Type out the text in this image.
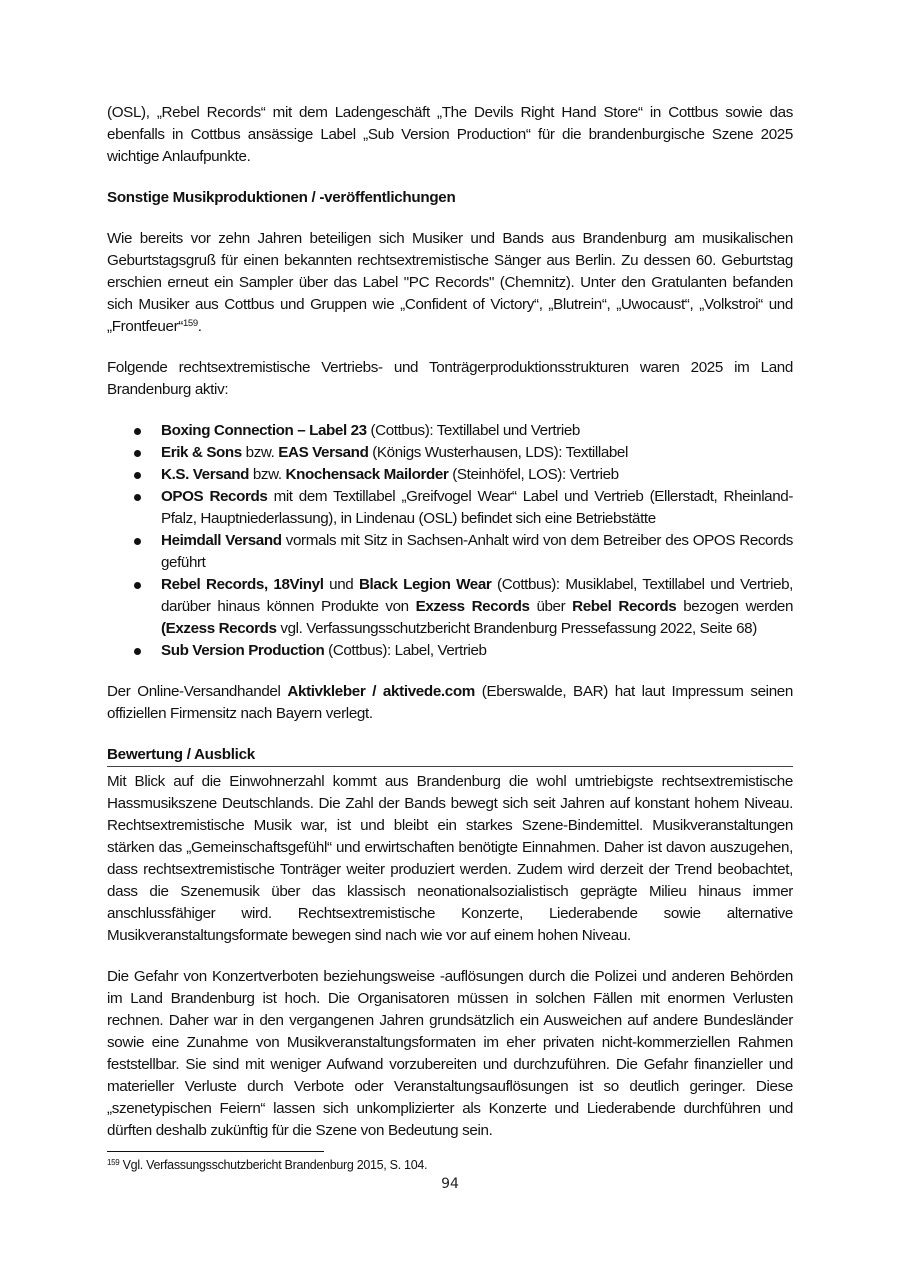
(OSL), „Rebel Records“ mit dem Ladengeschäft „The Devils Right Hand Store“ in Cottbus sowie das ebenfalls in Cottbus ansässige Label „Sub Version Production“ für die brandenburgische Szene 2025 wichtige Anlaufpunkte.

Sonstige Musikproduktionen / -veröffentlichungen

Wie bereits vor zehn Jahren beteiligen sich Musiker und Bands aus Brandenburg am musikalischen Geburtstagsgruß für einen bekannten rechtsextremistische Sänger aus Berlin. Zu dessen 60. Geburtstag erschien erneut ein Sampler über das Label "PC Records" (Chemnitz). Unter den Gratulanten befanden sich Musiker aus Cottbus und Gruppen wie „Confident of Victory“, „Blutrein“, „Uwocaust“, „Volkstroi“ und „Frontfeuer“$^{159}$.

Folgende rechtsextremistische Vertriebs- und Tonträgerproduktionsstrukturen waren 2025 im Land Brandenburg aktiv:

Boxing Connection – Label 23 (Cottbus): Textillabel und Vertrieb
Erik & Sons bzw. EAS Versand (Königs Wusterhausen, LDS): Textillabel
K.S. Versand bzw. Knochensack Mailorder (Steinhöfel, LOS): Vertrieb
OPOS Records mit dem Textillabel „Greifvogel Wear“ Label und Vertrieb (Ellerstadt, Rheinland-Pfalz, Hauptniederlassung), in Lindenau (OSL) befindet sich eine Betriebstätte
Heimdall Versand vormals mit Sitz in Sachsen-Anhalt wird von dem Betreiber des OPOS Records geführt
Rebel Records, 18Vinyl und Black Legion Wear (Cottbus): Musiklabel, Textillabel und Vertrieb, darüber hinaus können Produkte von Exzess Records über Rebel Records bezogen werden (Exzess Records vgl. Verfassungsschutzbericht Brandenburg Pressefassung 2022, Seite 68)
Sub Version Production (Cottbus): Label, Vertrieb

Der Online-Versandhandel Aktivkleber / aktivede.com (Eberswalde, BAR) hat laut Impressum seinen offiziellen Firmensitz nach Bayern verlegt.

Bewertung / Ausblick

Mit Blick auf die Einwohnerzahl kommt aus Brandenburg die wohl umtriebigste rechtsextremistische Hassmusikszene Deutschlands. Die Zahl der Bands bewegt sich seit Jahren auf konstant hohem Niveau. Rechtsextremistische Musik war, ist und bleibt ein starkes Szene-Bindemittel. Musikveranstaltungen stärken das „Gemeinschaftsgefühl“ und erwirtschaften benötigte Einnahmen. Daher ist davon auszugehen, dass rechtsextremistische Tonträger weiter produziert werden. Zudem wird derzeit der Trend beobachtet, dass die Szenemusik über das klassisch neonationalsozialistisch geprägte Milieu hinaus immer anschlussfähiger wird. Rechtsextremistische Konzerte, Liederabende sowie alternative Musikveranstaltungsformate bewegen sind nach wie vor auf einem hohen Niveau.

Die Gefahr von Konzertverboten beziehungsweise -auflösungen durch die Polizei und anderen Behörden im Land Brandenburg ist hoch. Die Organisatoren müssen in solchen Fällen mit enormen Verlusten rechnen. Daher war in den vergangenen Jahren grundsätzlich ein Ausweichen auf andere Bundesländer sowie eine Zunahme von Musikveranstaltungsformaten im eher privaten nicht-kommerziellen Rahmen feststellbar. Sie sind mit weniger Aufwand vorzubereiten und durchzuführen. Die Gefahr finanzieller und materieller Verluste durch Verbote oder Veranstaltungsauflösungen ist so deutlich geringer. Diese „szenetypischen Feiern“ lassen sich unkomplizierter als Konzerte und Liederabende durchführen und dürften deshalb zukünftig für die Szene von Bedeutung sein.

$^{159}$ Vgl. Verfassungsschutzbericht Brandenburg 2015, S. 104.
94
